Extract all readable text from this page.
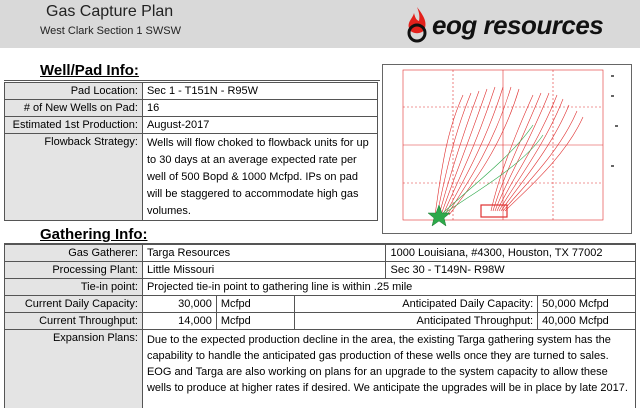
Gas Capture Plan
West Clark Section 1 SWSW	eog resources
Well/Pad Info:
Pad Location:	Sec 1 - T151N - R95W
# of New Wells on Pad:	16
Estimated 1st Production:	August-2017
Flowback Strategy:	Wells will flow choked to flowback units for up to 30 days at an average expected rate per well of 500 Bopd & 1000 Mcfpd. IPs on pad will be staggered to accommodate high gas volumes.
Gathering Info:
Gas Gatherer:	Targa Resources			1000 Louisiana, #4300, Houston, TX 77002	
Processing Plant:	Little Missouri			Sec 30 - T149N- R98W	
Tie-in point:	Projected tie-in point to gathering line is within .25 mile				
Current Daily Capacity:	30,000	Mcfpd	Anticipated Daily Capacity:		50,000 Mcfpd
Current Throughput:	14,000	Mcfpd	Anticipated Throughput:		40,000 Mcfpd
Expansion Plans:	Due to the expected production decline in the area, the existing Targa gathering system has the capability to handle the anticipated gas production of these wells once they are turned to sales. EOG and Targa are also working on plans for an upgrade to the system capacity to allow these wells to produce at higher rates if desired. We anticipate the upgrades will be in place by late 2017.				
